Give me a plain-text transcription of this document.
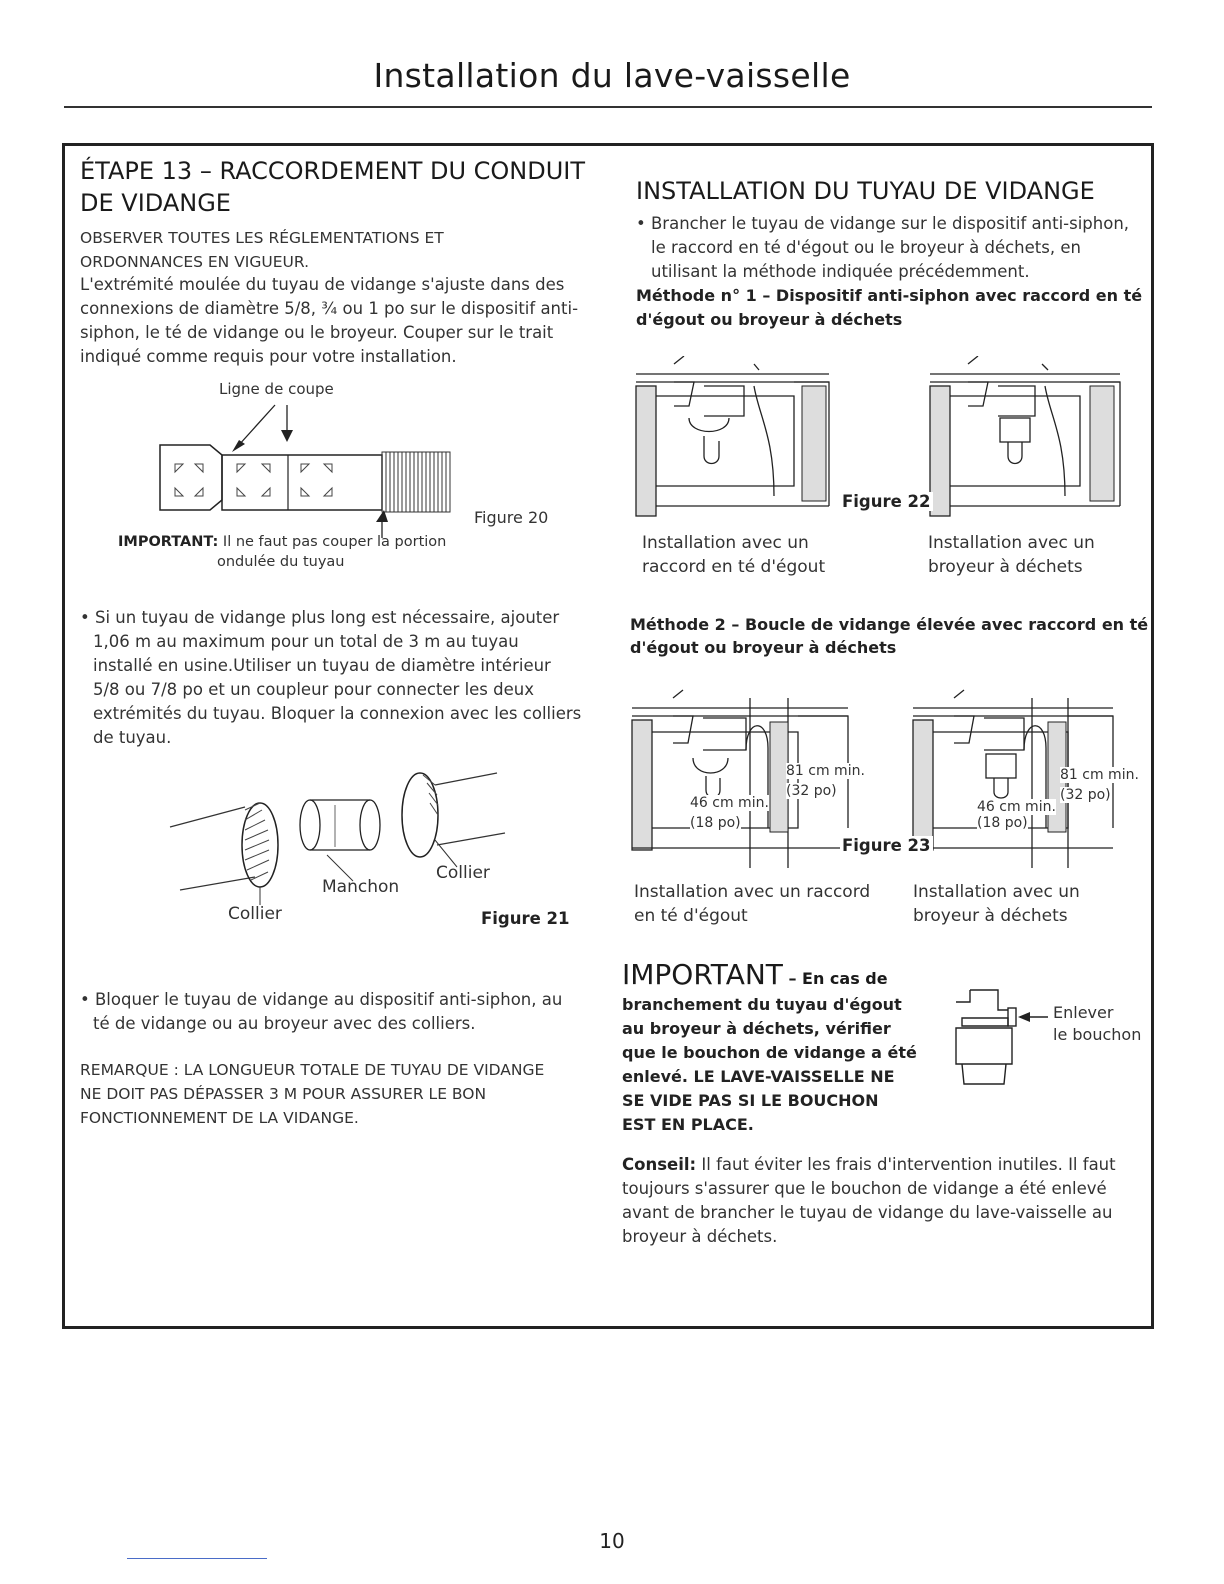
Installation du lave-vaisselle
ÉTAPE 13 – RACCORDEMENT DU CONDUIT
DE VIDANGE
OBSERVER TOUTES LES RÉGLEMENTATIONS ET
ORDONNANCES EN VIGUEUR.
L'extrémité moulée du tuyau de vidange s'ajuste dans des
connexions de diamètre 5/8, ¾ ou 1 po sur le dispositif anti-
siphon, le té de vidange ou le broyeur. Couper sur le trait
indiqué comme requis pour votre installation.
Ligne de coupe
Figure 20
IMPORTANT: Il ne faut pas couper la portion
ondulée du tuyau
• Si un tuyau de vidange plus long est nécessaire, ajouter
1,06 m au maximum pour un total de 3 m au tuyau
installé en usine.Utiliser un tuyau de diamètre intérieur
5/8 ou 7/8 po et un coupleur pour connecter les deux
extrémités du tuyau. Bloquer la connexion avec les colliers
de tuyau.
Manchon
Collier
Collier	Figure 21
• Bloquer le tuyau de vidange au dispositif anti-siphon, au
té de vidange ou au broyeur avec des colliers.
REMARQUE : LA LONGUEUR TOTALE DE TUYAU DE VIDANGE
NE DOIT PAS DÉPASSER 3 M POUR ASSURER LE BON
FONCTIONNEMENT DE LA VIDANGE.
INSTALLATION DU TUYAU DE VIDANGE
• Brancher le tuyau de vidange sur le dispositif anti-siphon,
le raccord en té d'égout ou le broyeur à déchets, en
utilisant la méthode indiquée précédemment.
Méthode n° 1 – Dispositif anti-siphon avec raccord en té
d'égout ou broyeur à déchets
Figure 22
Installation avec un
raccord en té d'égout
Installation avec un
broyeur à déchets
Méthode 2 – Boucle de vidange élevée avec raccord en té
d'égout ou broyeur à déchets
81 cm min.
(32 po)
46 cm min.
(18 po)
81 cm min.
(32 po)
46 cm min.
(18 po)
Figure 23
Installation avec un raccord
en té d'égout
Installation avec un
broyeur à déchets
IMPORTANT – En cas de
branchement du tuyau d'égout
au broyeur à déchets, vérifier
que le bouchon de vidange a été
enlevé. LE LAVE-VAISSELLE NE
SE VIDE PAS SI LE BOUCHON
EST EN PLACE.
Enlever
le bouchon
Conseil: Il faut éviter les frais d'intervention inutiles. Il faut
toujours s'assurer que le bouchon de vidange a été enlevé
avant de brancher le tuyau de vidange du lave-vaisselle au
broyeur à déchets.
10
